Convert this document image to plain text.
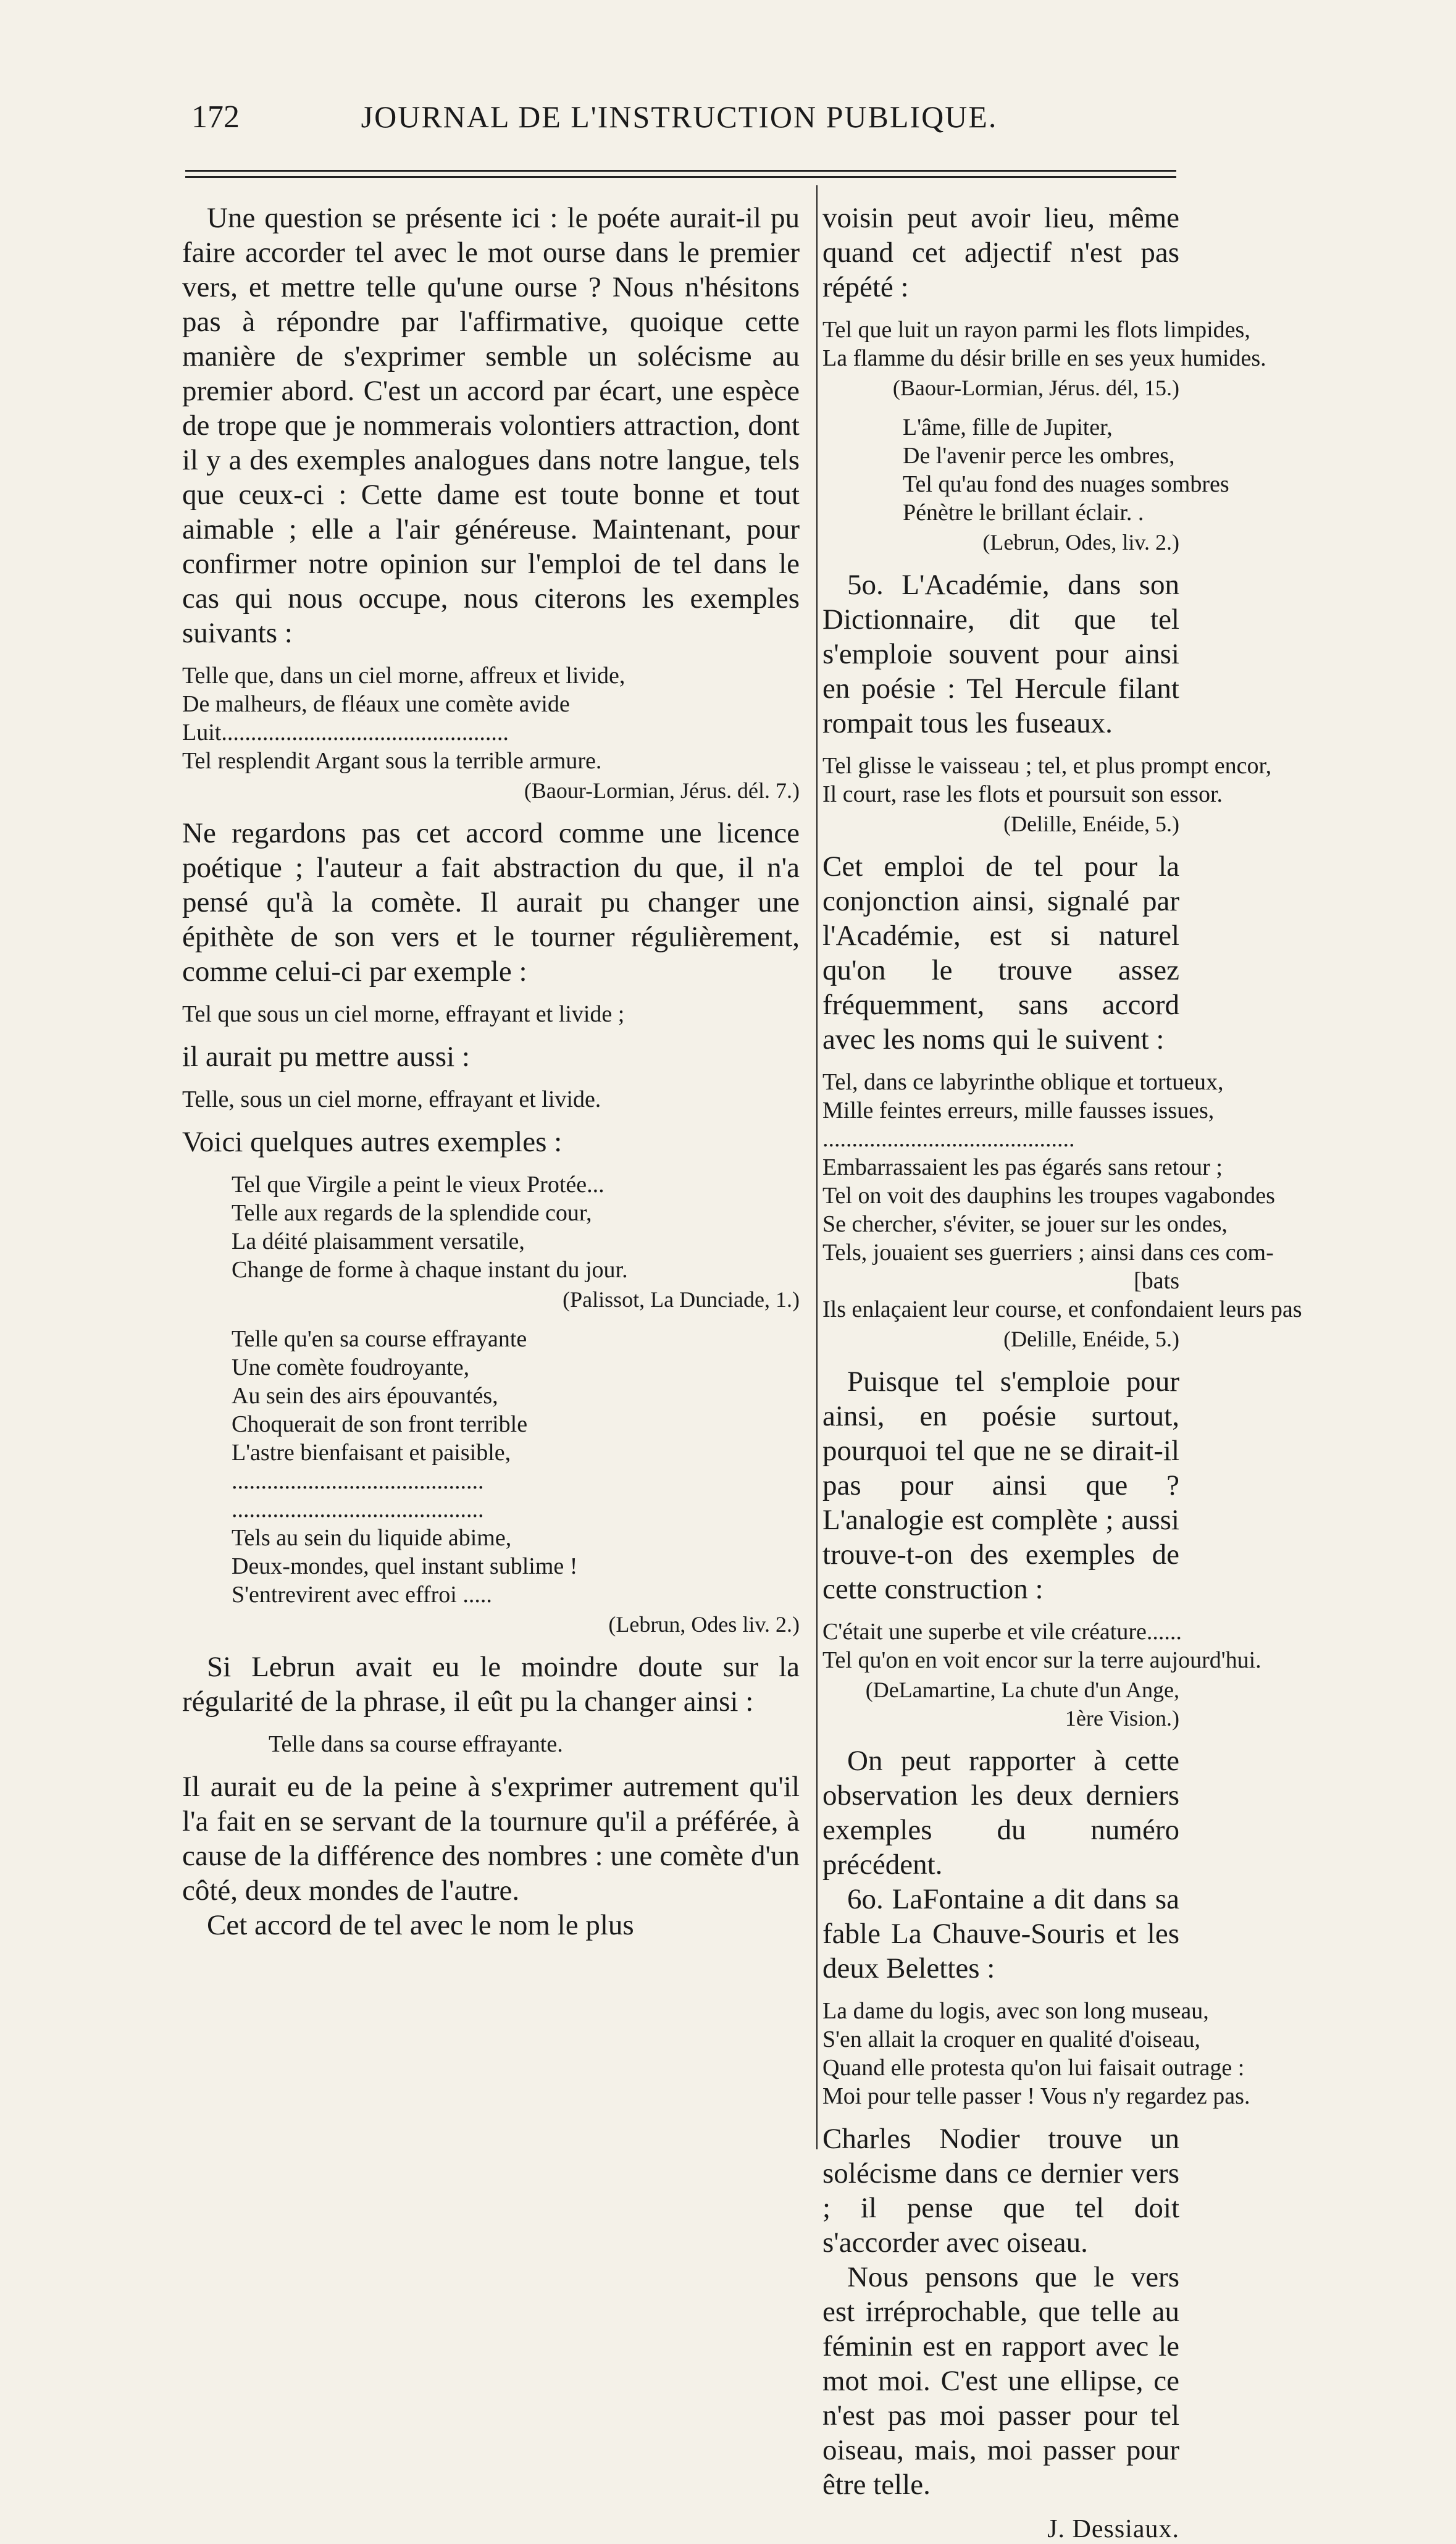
172	JOURNAL DE L'INSTRUCTION PUBLIQUE.

Une question se présente ici : le poéte aurait-il pu faire accorder tel avec le mot ourse dans le premier vers, et mettre telle qu'une ourse ? Nous n'hésitons pas à répondre par l'affirmative, quoique cette manière de s'exprimer semble un solécisme au premier abord. C'est un accord par écart, une espèce de trope que je nommerais volontiers attraction, dont il y a des exemples analogues dans notre langue, tels que ceux-ci : Cette dame est toute bonne et tout aimable ; elle a l'air généreuse. Maintenant, pour confirmer notre opinion sur l'emploi de tel dans le cas qui nous occupe, nous citerons les exemples suivants :

Telle que, dans un ciel morne, affreux et livide,
De malheurs, de fléaux une comète avide
Luit.................................................
Tel resplendit Argant sous la terrible armure.
(Baour-Lormian, Jérus. dél. 7.)

Ne regardons pas cet accord comme une licence poétique ; l'auteur a fait abstraction du que, il n'a pensé qu'à la comète. Il aurait pu changer une épithète de son vers et le tourner régulièrement, comme celui-ci par exemple :

Tel que sous un ciel morne, effrayant et livide ;

il aurait pu mettre aussi :

Telle, sous un ciel morne, effrayant et livide.

Voici quelques autres exemples :

Tel que Virgile a peint le vieux Protée...
Telle aux regards de la splendide cour,
La déité plaisamment versatile,
Change de forme à chaque instant du jour.
(Palissot, La Dunciade, 1.)
Telle qu'en sa course effrayante
Une comète foudroyante,
Au sein des airs épouvantés,
Choquerait de son front terrible
L'astre bienfaisant et paisible,
...........................................
...........................................
Tels au sein du liquide abime,
Deux-mondes, quel instant sublime !
S'entrevirent avec effroi .....
(Lebrun, Odes liv. 2.)

Si Lebrun avait eu le moindre doute sur la régularité de la phrase, il eût pu la changer ainsi :

Telle dans sa course effrayante.

Il aurait eu de la peine à s'exprimer autrement qu'il l'a fait en se servant de la tournure qu'il a préférée, à cause de la différence des nombres : une comète d'un côté, deux mondes de l'autre.

Cet accord de tel avec le nom le plus

voisin peut avoir lieu, même quand cet adjectif n'est pas répété :

Tel que luit un rayon parmi les flots limpides,
La flamme du désir brille en ses yeux humides.
(Baour-Lormian, Jérus. dél, 15.)
L'âme, fille de Jupiter,
De l'avenir perce les ombres,
Tel qu'au fond des nuages sombres
Pénètre le brillant éclair. .
(Lebrun, Odes, liv. 2.)

5o. L'Académie, dans son Dictionnaire, dit que tel s'emploie souvent pour ainsi en poésie : Tel Hercule filant rompait tous les fuseaux.

Tel glisse le vaisseau ; tel, et plus prompt encor,
Il court, rase les flots et poursuit son essor.
(Delille, Enéide, 5.)

Cet emploi de tel pour la conjonction ainsi, signalé par l'Académie, est si naturel qu'on le trouve assez fréquemment, sans accord avec les noms qui le suivent :

Tel, dans ce labyrinthe oblique et tortueux,
Mille feintes erreurs, mille fausses issues,
...........................................
Embarrassaient les pas égarés sans retour ;
Tel on voit des dauphins les troupes vagabondes
Se chercher, s'éviter, se jouer sur les ondes,
Tels, jouaient ses guerriers ; ainsi dans ces com-
[bats
Ils enlaçaient leur course, et confondaient leurs pas
(Delille, Enéide, 5.)

Puisque tel s'emploie pour ainsi, en poésie surtout, pourquoi tel que ne se dirait-il pas pour ainsi que ? L'analogie est complète ; aussi trouve-t-on des exemples de cette construction :

C'était une superbe et vile créature......
Tel qu'on en voit encor sur la terre aujourd'hui.
(DeLamartine, La chute d'un Ange, 1ère Vision.)

On peut rapporter à cette observation les deux derniers exemples du numéro précédent.

6o. LaFontaine a dit dans sa fable La Chauve-Souris et les deux Belettes :

La dame du logis, avec son long museau,
S'en allait la croquer en qualité d'oiseau,
Quand elle protesta qu'on lui faisait outrage :
Moi pour telle passer ! Vous n'y regardez pas.

Charles Nodier trouve un solécisme dans ce dernier vers ; il pense que tel doit s'accorder avec oiseau.

Nous pensons que le vers est irréprochable, que telle au féminin est en rapport avec le mot moi. C'est une ellipse, ce n'est pas moi passer pour tel oiseau, mais, moi passer pour être telle.

J. Dessiaux.
